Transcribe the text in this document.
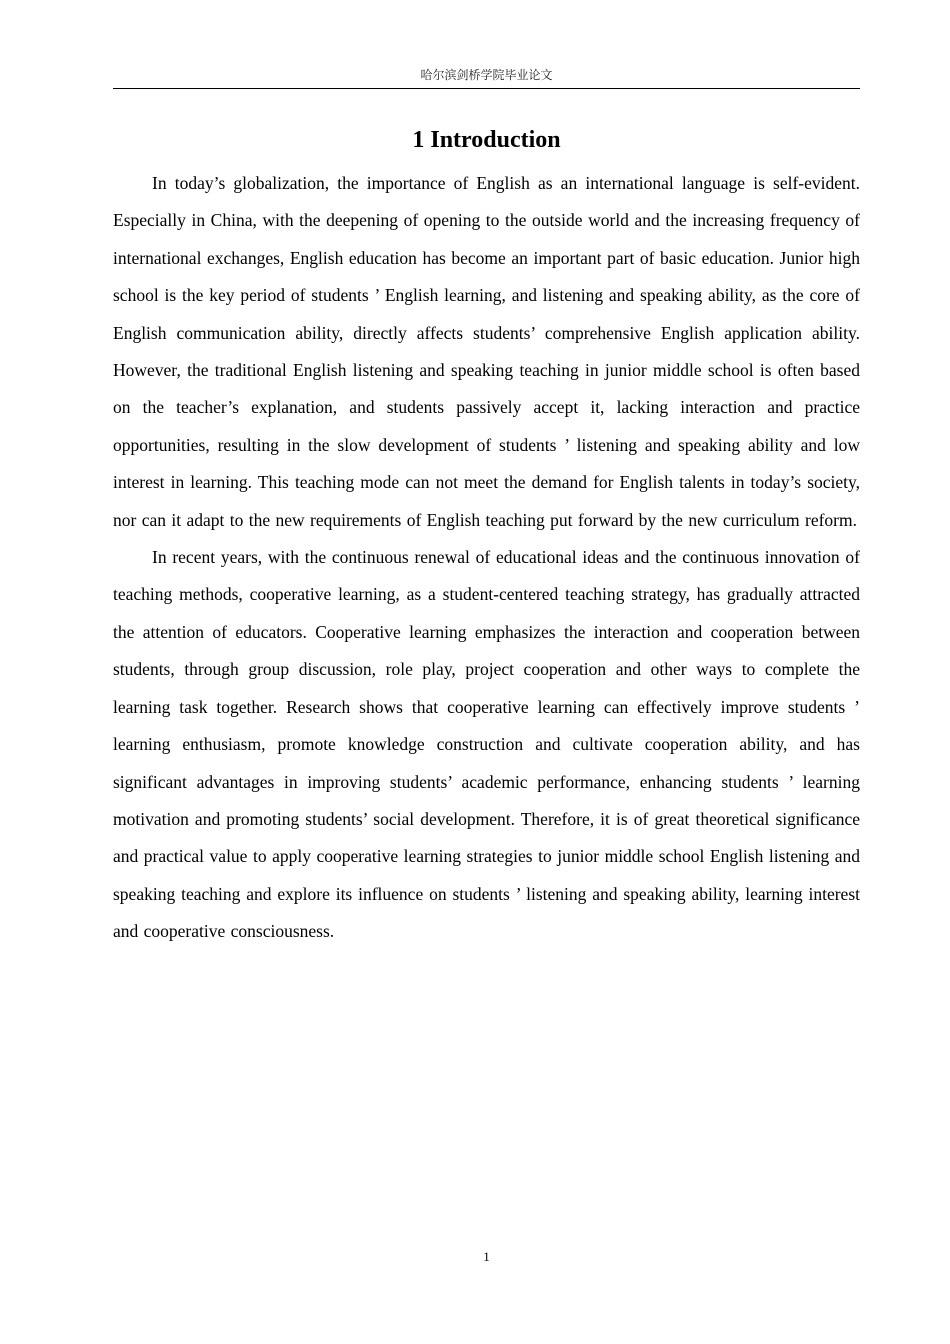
哈尔滨剑桥学院毕业论文
1 Introduction

In today’s globalization, the importance of English as an international language is self-evident. Especially in China, with the deepening of opening to the outside world and the increasing frequency of international exchanges, English education has become an important part of basic education. Junior high school is the key period of students ’ English learning, and listening and speaking ability, as the core of English communication ability, directly affects students’ comprehensive English application ability. However, the traditional English listening and speaking teaching in junior middle school is often based on the teacher’s explanation, and students passively accept it, lacking interaction and practice opportunities, resulting in the slow development of students ’ listening and speaking ability and low interest in learning. This teaching mode can not meet the demand for English talents in today’s society, nor can it adapt to the new requirements of English teaching put forward by the new curriculum reform.

In recent years, with the continuous renewal of educational ideas and the continuous innovation of teaching methods, cooperative learning, as a student-centered teaching strategy, has gradually attracted the attention of educators. Cooperative learning emphasizes the interaction and cooperation between students, through group discussion, role play, project cooperation and other ways to complete the learning task together. Research shows that cooperative learning can effectively improve students ’ learning enthusiasm, promote knowledge construction and cultivate cooperation ability, and has significant advantages in improving students’ academic performance, enhancing students ’ learning motivation and promoting students’ social development. Therefore, it is of great theoretical significance and practical value to apply cooperative learning strategies to junior middle school English listening and speaking teaching and explore its influence on students ’ listening and speaking ability, learning interest and cooperative consciousness.

1
